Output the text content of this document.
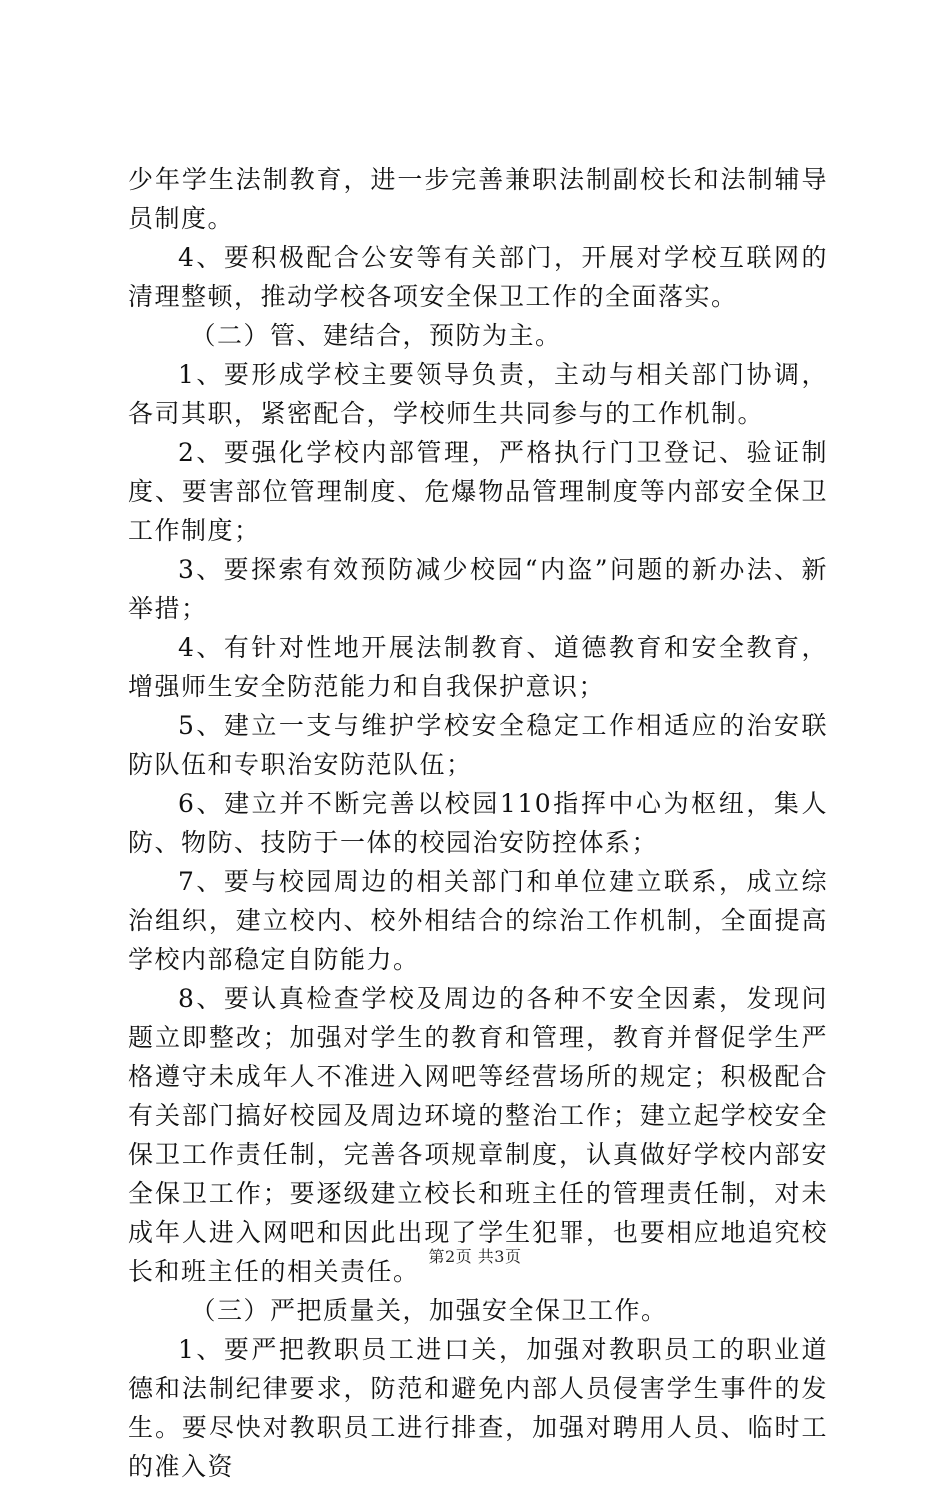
少年学生法制教育，进一步完善兼职法制副校长和法制辅导员制度。

4、要积极配合公安等有关部门，开展对学校互联网的清理整顿，推动学校各项安全保卫工作的全面落实。

（二）管、建结合，预防为主。

1、要形成学校主要领导负责，主动与相关部门协调，各司其职，紧密配合，学校师生共同参与的工作机制。

2、要强化学校内部管理，严格执行门卫登记、验证制度、要害部位管理制度、危爆物品管理制度等内部安全保卫工作制度；

3、要探索有效预防减少校园“内盗”问题的新办法、新举措；

4、有针对性地开展法制教育、道德教育和安全教育，增强师生安全防范能力和自我保护意识；

5、建立一支与维护学校安全稳定工作相适应的治安联防队伍和专职治安防范队伍；

6、建立并不断完善以校园110指挥中心为枢纽，集人防、物防、技防于一体的校园治安防控体系；

7、要与校园周边的相关部门和单位建立联系，成立综治组织，建立校内、校外相结合的综治工作机制，全面提高学校内部稳定自防能力。

8、要认真检查学校及周边的各种不安全因素，发现问题立即整改；加强对学生的教育和管理，教育并督促学生严格遵守未成年人不准进入网吧等经营场所的规定；积极配合有关部门搞好校园及周边环境的整治工作；建立起学校安全保卫工作责任制，完善各项规章制度，认真做好学校内部安全保卫工作；要逐级建立校长和班主任的管理责任制，对未成年人进入网吧和因此出现了学生犯罪，也要相应地追究校长和班主任的相关责任。

（三）严把质量关，加强安全保卫工作。

1、要严把教职员工进口关，加强对教职员工的职业道德和法制纪律要求，防范和避免内部人员侵害学生事件的发生。要尽快对教职员工进行排查，加强对聘用人员、临时工的准入资

第2页 共3页
